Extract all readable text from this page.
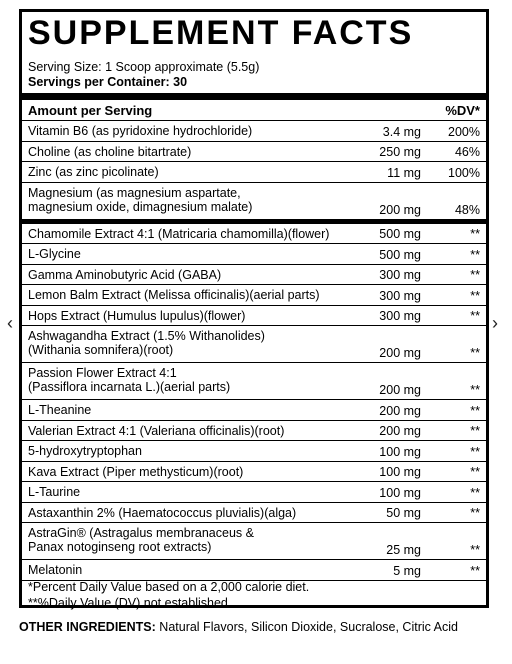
SUPPLEMENT FACTS
Serving Size: 1 Scoop approximate (5.5g)
Servings per Container: 30
Amount per Serving	%DV*
Vitamin B6 (as pyridoxine hydrochloride)	3.4 mg 200%
Choline (as choline bitartrate)	250 mg	46%
Zinc (as zinc picolinate)	11 mg 100%
Magnesium (as magnesium aspartate,
magnesium oxide, dimagnesium malate)	200 mg	48%
Chamomile Extract 4:1 (Matricaria chamomilla)(flower)	500 mg	**
L-Glycine	500 mg	**
Gamma Aminobutyric Acid (GABA)	300 mg	**
Lemon Balm Extract (Melissa officinalis)(aerial parts)	300 mg	**
Hops Extract (Humulus lupulus)(flower)	300 mg	**
Ashwagandha Extract (1.5% Withanolides)
(Withania somnifera)(root)	200 mg	**
Passion Flower Extract 4:1
(Passiflora incarnata L.)(aerial parts)	200 mg	**
L-Theanine	200 mg	**
Valerian Extract 4:1 (Valeriana officinalis)(root)	200 mg	**
5-hydroxytryptophan	100 mg	**
Kava Extract (Piper methysticum)(root)	100 mg	**
L-Taurine	100 mg	**
Astaxanthin 2% (Haematococcus pluvialis)(alga)	50 mg	**
AstraGin® (Astragalus membranaceus &
Panax notoginseng root extracts)	25 mg	**
Melatonin	5 mg	**
*Percent Daily Value based on a 2,000 calorie diet.
**%Daily Value (DV) not established.
OTHER INGREDIENTS: Natural Flavors, Silicon Dioxide, Sucralose, Citric Acid
‹	›
